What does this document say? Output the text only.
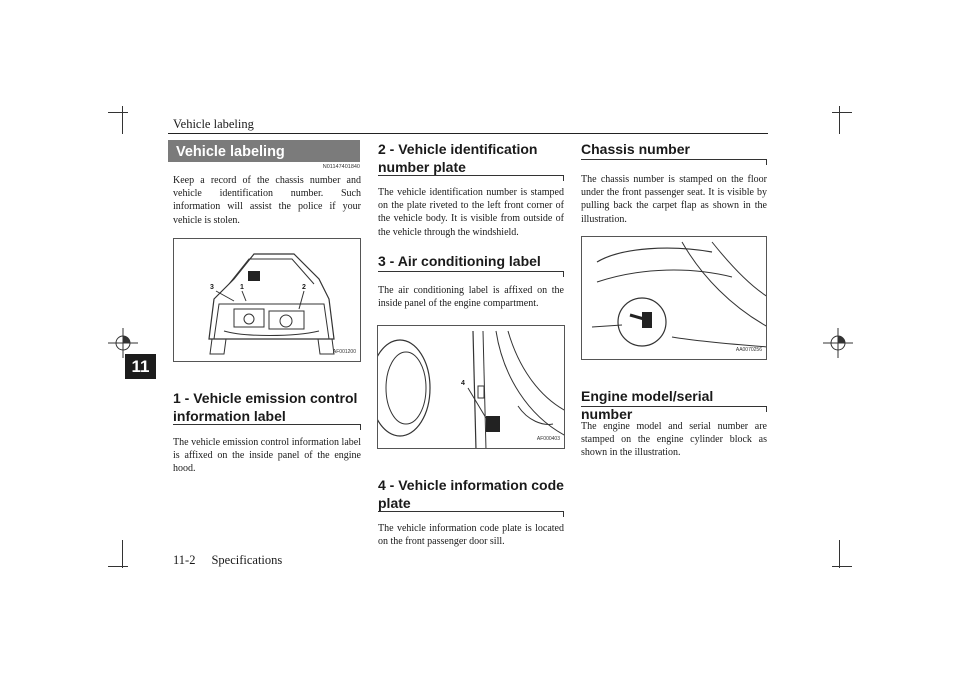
Vehicle labeling
11
11-2 Specifications
Vehicle labeling
N01147401840
Keep a record of the chassis number and vehicle identification number. Such information will assist the police if your vehicle is stolen.
3	1	2
AF001200
1 - Vehicle emission control information label
The vehicle emission control information label is affixed on the inside panel of the engine hood.
2 - Vehicle identification number plate
The vehicle identification number is stamped on the plate riveted to the left front corner of the vehicle body. It is visible from outside of the vehicle through the windshield.
3 - Air conditioning label
The air conditioning label is affixed on the inside panel of the engine compartment.
4
AF000403
4 - Vehicle information code plate
The vehicle information code plate is located on the front passenger door sill.
Chassis number
The chassis number is stamped on the floor under the front passenger seat. It is visible by pulling back the carpet flap as shown in the illustration.
AA0070256
Engine model/serial number
The engine model and serial number are stamped on the engine cylinder block as shown in the illustration.
